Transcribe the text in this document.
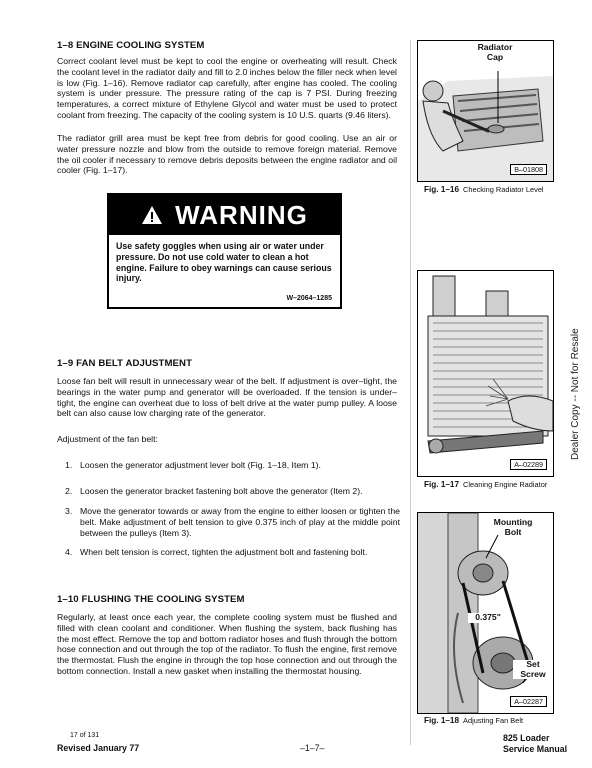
1–8 ENGINE COOLING SYSTEM
Correct coolant level must be kept to cool the engine or overheating will result. Check the coolant level in the radiator daily and fill to 2.0 inches below the filler neck when level is low (Fig. 1–16). Remove radiator cap carefully, after engine has cooled. The cooling system is under pressure. The pressure rating of the cap is 7 PSI. During freezing temperatures, a correct mixture of Ethylene Glycol and water must be used to protect coolant from freezing. The capacity of the cooling system is 10 U.S. quarts (9.46 liters).
The radiator grill area must be kept free from debris for good cooling. Use an air or water pressure nozzle and blow from the outside to remove foreign material. Remove the oil cooler if necessary to remove debris deposits between the engine radiator and oil cooler (Fig. 1–17).
WARNING
Use safety goggles when using air or water under pressure. Do not use cold water to clean a hot engine. Failure to obey warnings can cause serious injury.
W–2064–1285
1–9 FAN BELT ADJUSTMENT
Loose fan belt will result in unnecessary wear of the belt. If adjustment is over–tight, the bearings in the water pump and generator will be overloaded. If the tension is under–tight, the engine can overheat due to loss of belt drive at the water pump pulley. A loose belt can also cause low charging rate of the generator.
Adjustment of the fan belt:
1. Loosen the generator adjustment lever bolt (Fig. 1–18, Item 1).
2. Loosen the generator bracket fastening bolt above the generator (Item 2).
3. Move the generator towards or away from the engine to either loosen or tighten the belt. Make adjustment of belt tension to give 0.375 inch of play at the middle point between the pulleys (Item 3).
4. When belt tension is correct, tighten the adjustment bolt and fastening bolt.
1–10 FLUSHING THE COOLING SYSTEM
Regularly, at least once each year, the complete cooling system must be flushed and filled with clean coolant and conditioner. When flushing the system, back flushing has the most effect. Remove the top and bottom radiator hoses and flush through the bottom hose connection and out through the top of the radiator. To flush the engine, first remove the thermostat. Flush the engine in through the top hose connection and out through the bottom connection. Install a new gasket when installing the thermostat housing.
Radiator
Cap
B–01808
Fig. 1–16 Checking Radiator Level
A–02289
Fig. 1–17 Cleaning Engine Radiator
Mounting
Bolt
0.375"
Set
Screw
A–02287
Fig. 1–18 Adjusting Fan Belt
Dealer Copy -- Not for Resale
17 of 131
Revised January 77	–1–7–
825 Loader
Service Manual
